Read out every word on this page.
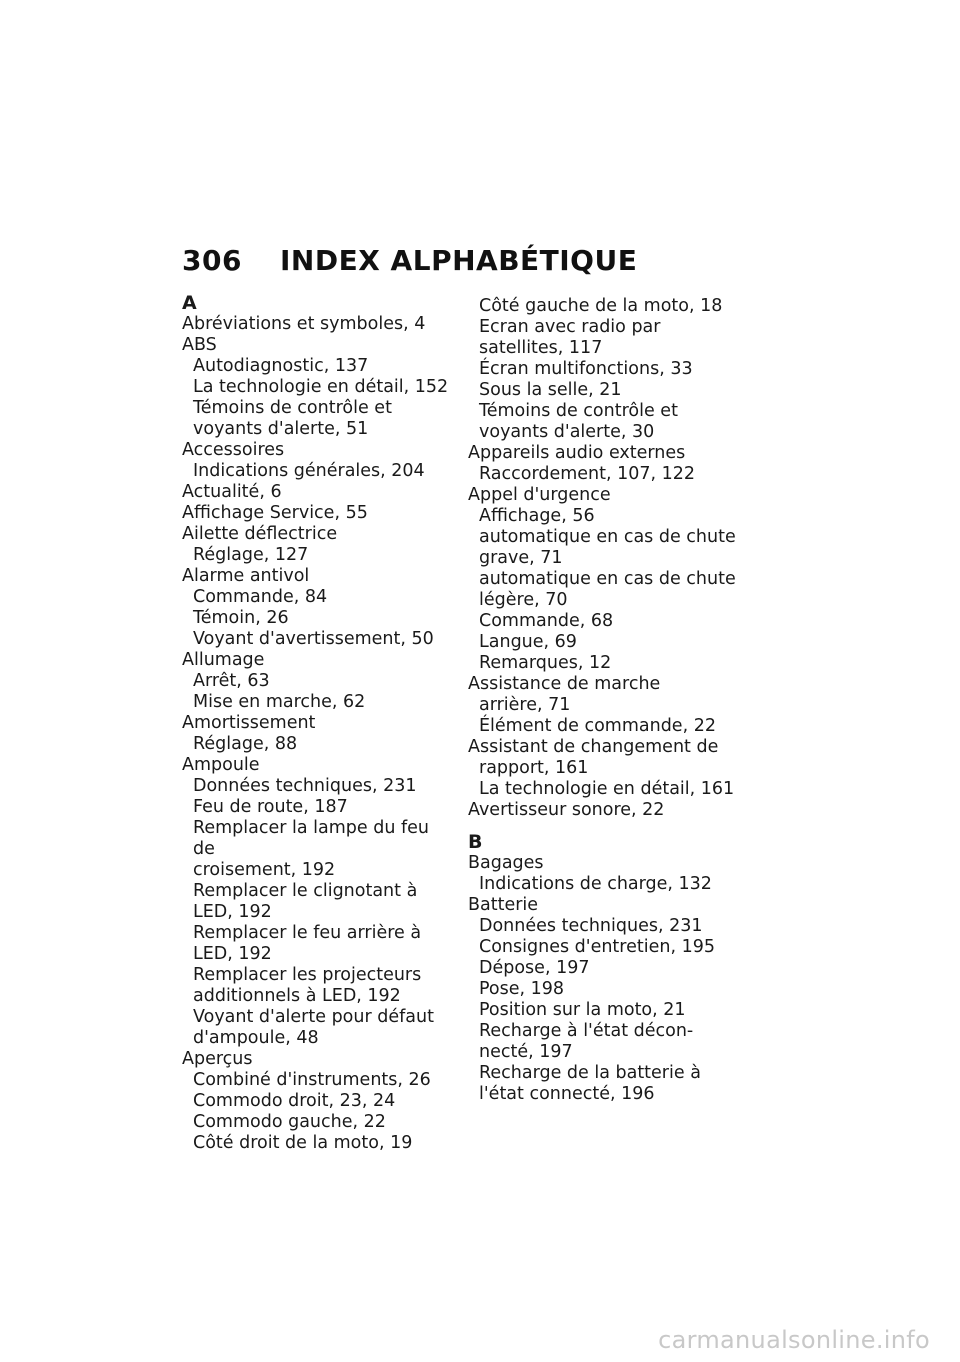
306 INDEX ALPHABÉTIQUE
A
Abréviations et symboles, 4
ABS
Autodiagnostic, 137
La technologie en détail, 152
Témoins de contrôle et
voyants d'alerte, 51
Accessoires
Indications générales, 204
Actualité, 6
Affichage Service, 55
Ailette déflectrice
Réglage, 127
Alarme antivol
Commande, 84
Témoin, 26
Voyant d'avertissement, 50
Allumage
Arrêt, 63
Mise en marche, 62
Amortissement
Réglage, 88
Ampoule
Données techniques, 231
Feu de route, 187
Remplacer la lampe du feu de
croisement, 192
Remplacer le clignotant à
LED, 192
Remplacer le feu arrière à
LED, 192
Remplacer les projecteurs
additionnels à LED, 192
Voyant d'alerte pour défaut
d'ampoule, 48
Aperçus
Combiné d'instruments, 26
Commodo droit, 23, 24
Commodo gauche, 22
Côté droit de la moto, 19
Côté gauche de la moto, 18
Ecran avec radio par
satellites, 117
Écran multifonctions, 33
Sous la selle, 21
Témoins de contrôle et
voyants d'alerte, 30
Appareils audio externes
Raccordement, 107, 122
Appel d'urgence
Affichage, 56
automatique en cas de chute
grave, 71
automatique en cas de chute
légère, 70
Commande, 68
Langue, 69
Remarques, 12
Assistance de marche
arrière, 71
Élément de commande, 22
Assistant de changement de
rapport, 161
La technologie en détail, 161
Avertisseur sonore, 22
B
Bagages
Indications de charge, 132
Batterie
Données techniques, 231
Consignes d'entretien, 195
Dépose, 197
Pose, 198
Position sur la moto, 21
Recharge à l'état décon-
necté, 197
Recharge de la batterie à
l'état connecté, 196
carmanualsonline.info
